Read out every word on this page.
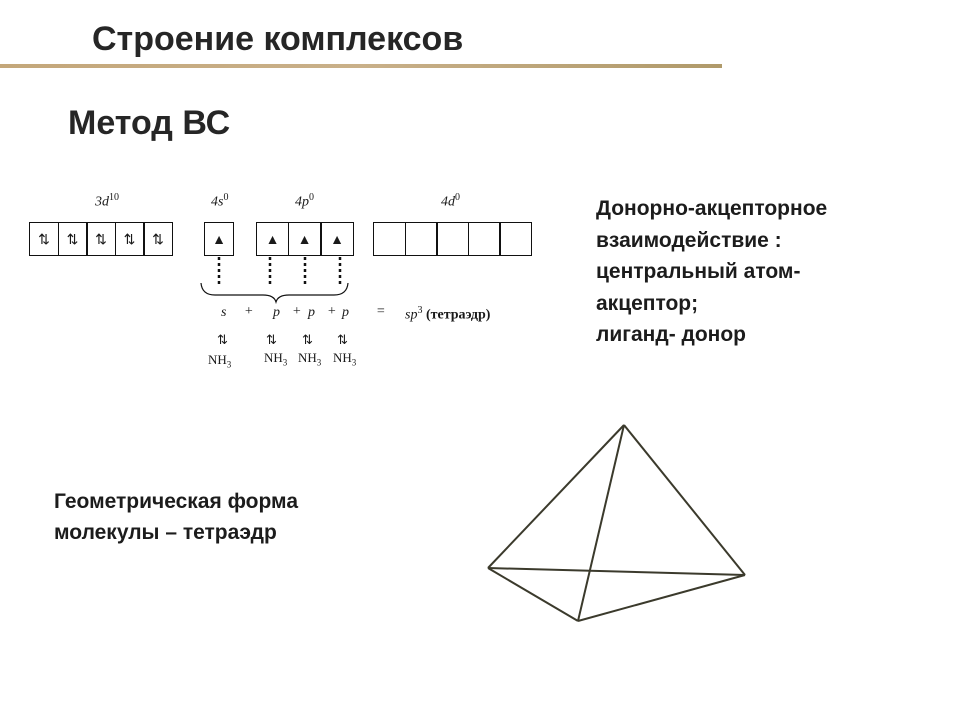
Строение комплексов
Метод ВС
$3d^{10}$	$4s^0$	$4p^0$	$4d^0$
⇅ ⇅ ⇅ ⇅ ⇅	▲	▲ ▲ ▲
$s + p + p + p = sp^3$ (тетраэдр)
⇅	⇅ ⇅ ⇅
$NH_3$	$NH_3$ $NH_3$ $NH_3$
Донорно-акцепторное
взаимодействие :
центральный атом-
акцептор;
лиганд- донор
Геометрическая форма
молекулы – тетраэдр
